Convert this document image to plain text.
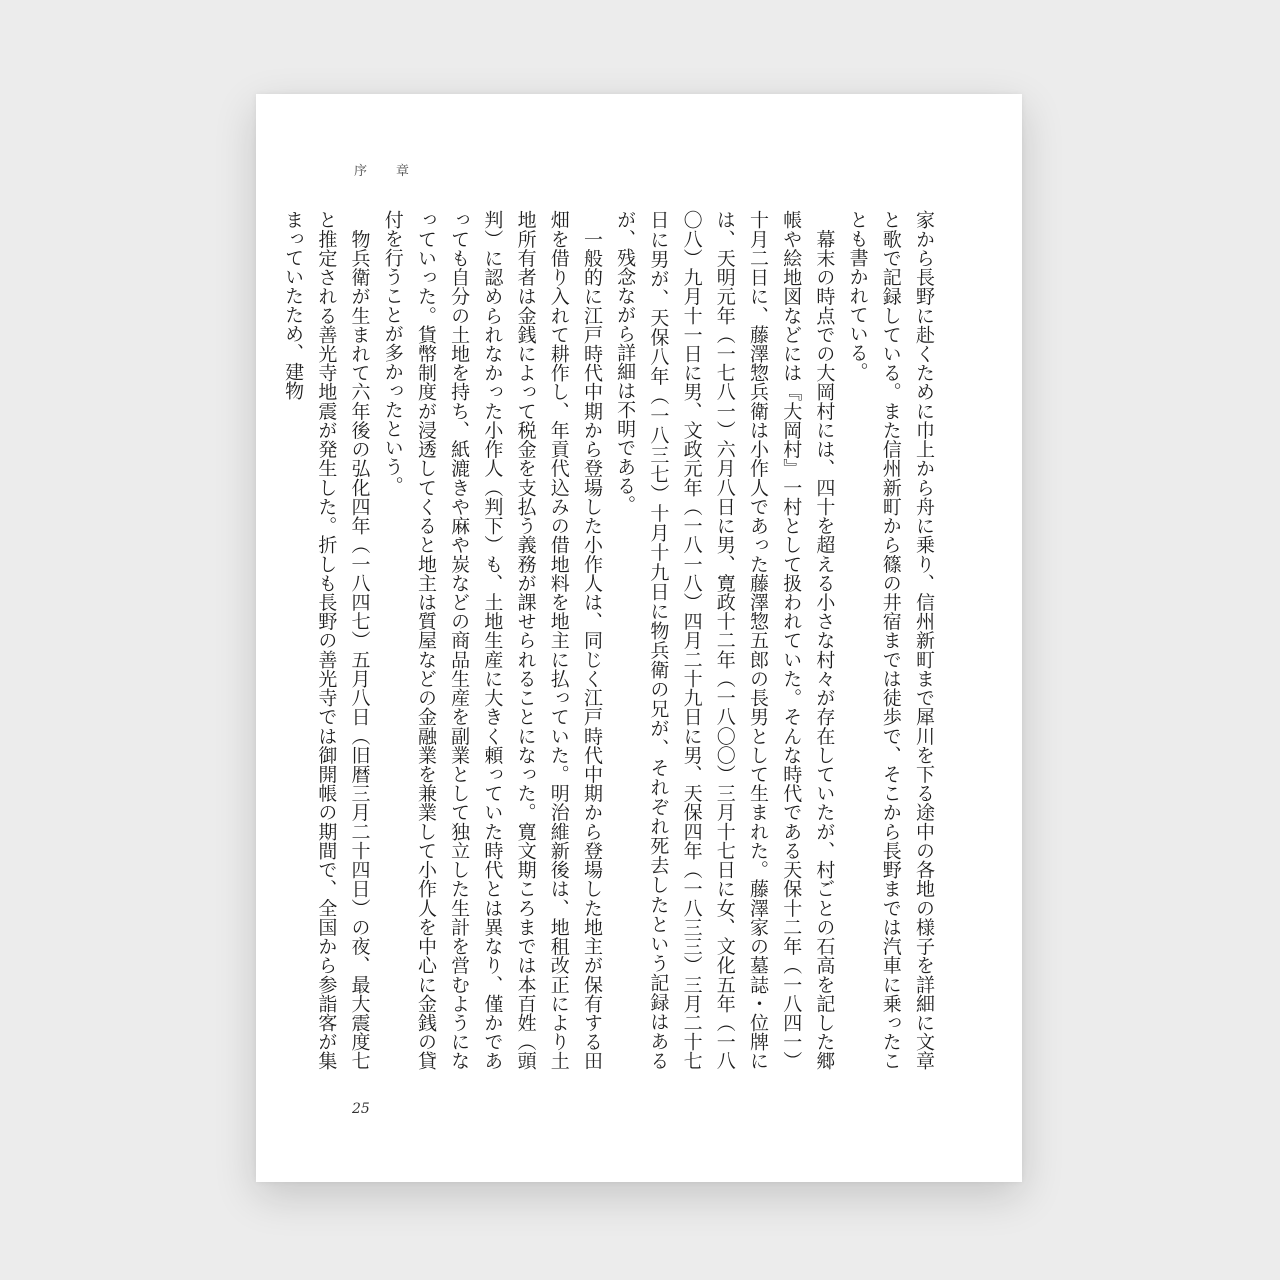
序　章

家から長野に赴くために巾上から舟に乗り、信州新町まで犀川を下る途中の各地の様子を詳細に文章と歌で記録している。また信州新町から篠の井宿までは徒歩で、そこから長野までは汽車に乗ったことも書かれている。

　幕末の時点での大岡村には、四十を超える小さな村々が存在していたが、村ごとの石高を記した郷帳や絵地図などには『大岡村』一村として扱われていた。そんな時代である天保十二年（一八四一）十月二日に、藤澤惣兵衛は小作人であった藤澤惣五郎の長男として生まれた。藤澤家の墓誌・位牌には、天明元年（一七八一）六月八日に男、寛政十二年（一八〇〇）三月十七日に女、文化五年（一八〇八）九月十一日に男、文政元年（一八一八）四月二十九日に男、天保四年（一八三三）三月二十七日に男が、天保八年（一八三七）十月十九日に物兵衛の兄が、それぞれ死去したという記録はあるが、残念ながら詳細は不明である。

　一般的に江戸時代中期から登場した小作人は、同じく江戸時代中期から登場した地主が保有する田畑を借り入れて耕作し、年貢代込みの借地料を地主に払っていた。明治維新後は、地租改正により土地所有者は金銭によって税金を支払う義務が課せられることになった。寛文期ころまでは本百姓（頭判）に認められなかった小作人（判下）も、土地生産に大きく頼っていた時代とは異なり、僅かであっても自分の土地を持ち、紙漉きや麻や炭などの商品生産を副業として独立した生計を営むようになっていった。貨幣制度が浸透してくると地主は質屋などの金融業を兼業して小作人を中心に金銭の貸付を行うことが多かったという。

　物兵衛が生まれて六年後の弘化四年（一八四七）五月八日（旧暦三月二十四日）の夜、最大震度七と推定される善光寺地震が発生した。折しも長野の善光寺では御開帳の期間で、全国から参詣客が集まっていたため、建物

25
